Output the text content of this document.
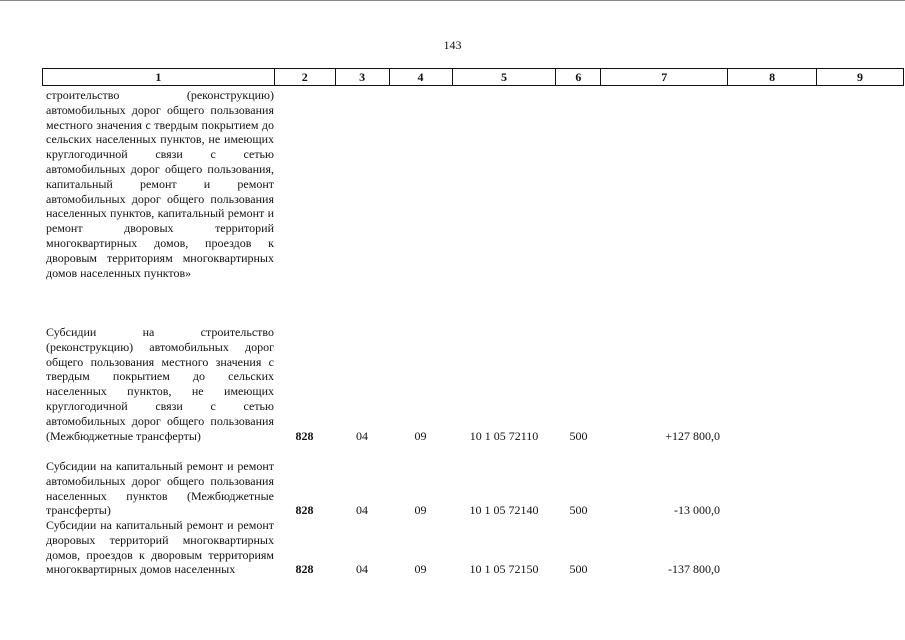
143
1	2	3	4	5	6	7	8	9
строительство (реконструкцию) автомобильных дорог общего пользования местного значения с твердым покрытием до сельских населенных пунктов, не имеющих круглогодичной связи с сетью автомобильных дорог общего пользования, капитальный ремонт и ремонт автомобильных дорог общего пользования населенных пунктов, капитальный ремонт и ремонт дворовых территорий многоквартирных домов, проездов к дворовым территориям многоквартирных домов населенных пунктов»
Субсидии на строительство (реконструкцию) автомобильных дорог общего пользования местного значения с твердым покрытием до сельских населенных пунктов, не имеющих круглогодичной связи с сетью автомобильных дорог общего пользования (Межбюджетные трансферты)	828	04	09	10 1 05 72110	500	+127 800,0
Субсидии на капитальный ремонт и ремонт автомобильных дорог общего пользования населенных пунктов (Межбюджетные трансферты)	828	04	09	10 1 05 72140	500	-13 000,0
Субсидии на капитальный ремонт и ремонт дворовых территорий многоквартирных домов, проездов к дворовым территориям многоквартирных домов населенных	828	04	09	10 1 05 72150	500	-137 800,0
